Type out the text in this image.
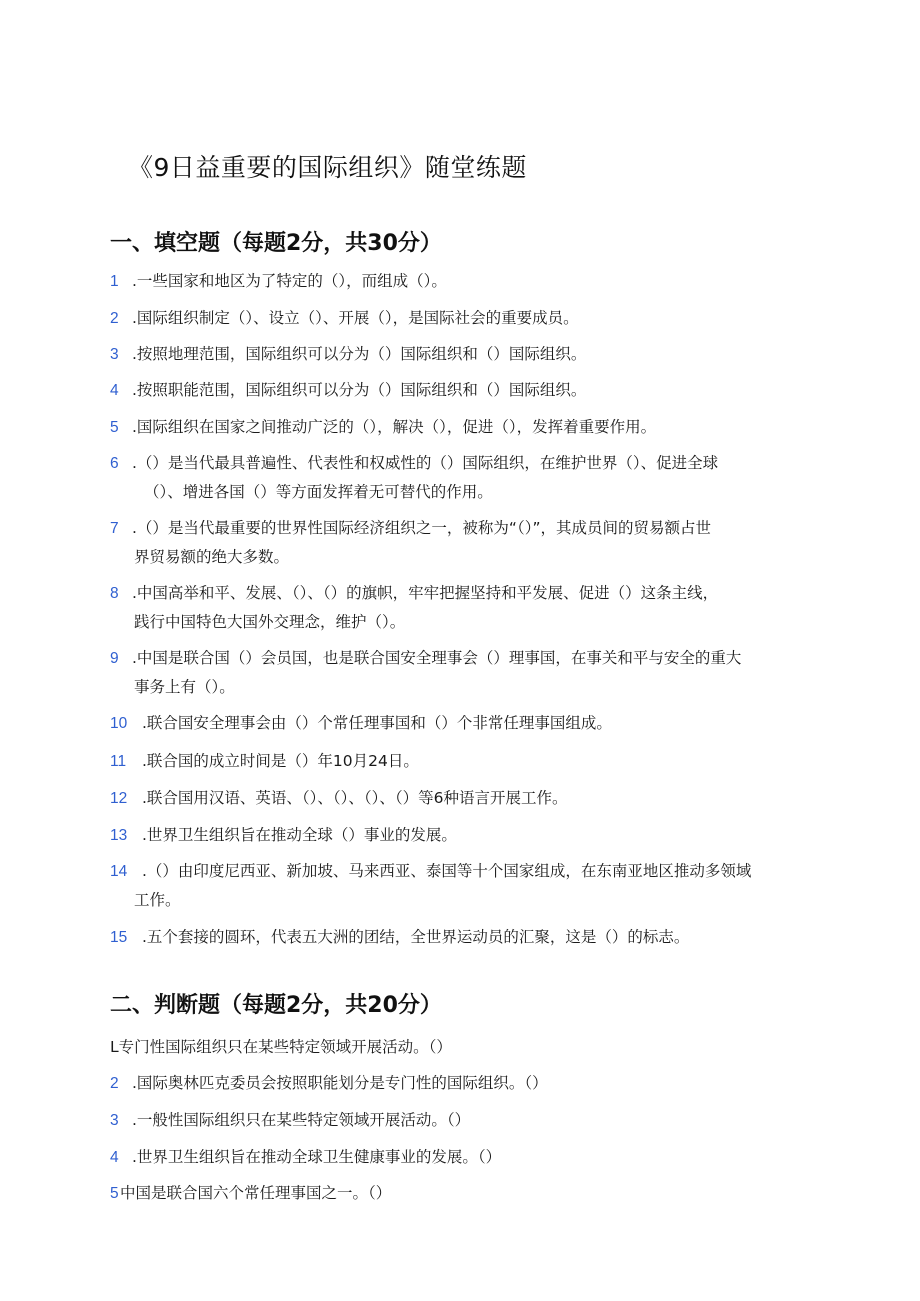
《9日益重要的国际组织》随堂练题
一、填空题（每题2分，共30分）
1 .一些国家和地区为了特定的（），而组成（）。
2 .国际组织制定（）、设立（）、开展（），是国际社会的重要成员。
3 .按照地理范围，国际组织可以分为（）国际组织和（）国际组织。
4 .按照职能范围，国际组织可以分为（）国际组织和（）国际组织。
5 .国际组织在国家之间推动广泛的（），解决（），促进（），发挥着重要作用。
6 .（）是当代最具普遍性、代表性和权威性的（）国际组织，在维护世界（）、促进全球
（）、增进各国（）等方面发挥着无可替代的作用。
7 .（）是当代最重要的世界性国际经济组织之一，被称为“（）”，其成员间的贸易额占世
界贸易额的绝大多数。
8 .中国高举和平、发展、（）、（）的旗帜，牢牢把握坚持和平发展、促进（）这条主线，
践行中国特色大国外交理念，维护（）。
9 .中国是联合国（）会员国，也是联合国安全理事会（）理事国，在事关和平与安全的重大
事务上有（）。
10 .联合国安全理事会由（）个常任理事国和（）个非常任理事国组成。
11 .联合国的成立时间是（）年10月24日。
12 .联合国用汉语、英语、（）、（）、（）、（）等6种语言开展工作。
13 .世界卫生组织旨在推动全球（）事业的发展。
14 .（）由印度尼西亚、新加坡、马来西亚、泰国等十个国家组成，在东南亚地区推动多领域
工作。
15 .五个套接的圆环，代表五大洲的团结，全世界运动员的汇聚，这是（）的标志。
二、判断题（每题2分，共20分）
L专门性国际组织只在某些特定领域开展活动。（）
2 .国际奥林匹克委员会按照职能划分是专门性的国际组织。（）
3 .一般性国际组织只在某些特定领域开展活动。（）
4 .世界卫生组织旨在推动全球卫生健康事业的发展。（）
5中国是联合国六个常任理事国之一。（）
